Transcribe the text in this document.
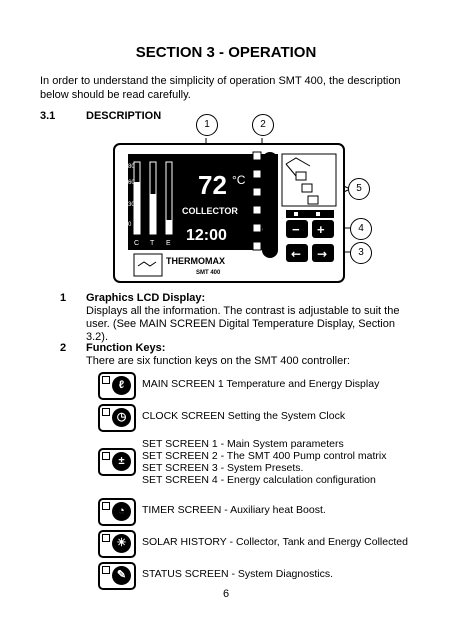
SECTION 3 - OPERATION
In order to understand the simplicity of operation SMT 400, the description below should be read carefully.
3.1	DESCRIPTION
80
60
30
0
C T E
72 °C
COLLECTOR
12:00	− +
← →
THERMOMAX
SMT 400
1	2
5
4
3
1 Graphics LCD Display:
Displays all the information. The contrast is adjustable to suit the user. (See MAIN SCREEN Digital Temperature Display, Section 3.2).
2 Function Keys:
There are six function keys on the SMT 400 controller:
ℓ	MAIN SCREEN 1 Temperature and Energy Display
◷	CLOCK SCREEN Setting the System Clock
±
SET SCREEN 1 - Main System parameters
SET SCREEN 2 - The SMT 400 Pump control matrix
SET SCREEN 3 - System Presets.
SET SCREEN 4 - Energy calculation configuration
◔	TIMER SCREEN - Auxiliary heat Boost.
☀	SOLAR HISTORY - Collector, Tank and Energy Collected
✎	STATUS SCREEN - System Diagnostics.
6
